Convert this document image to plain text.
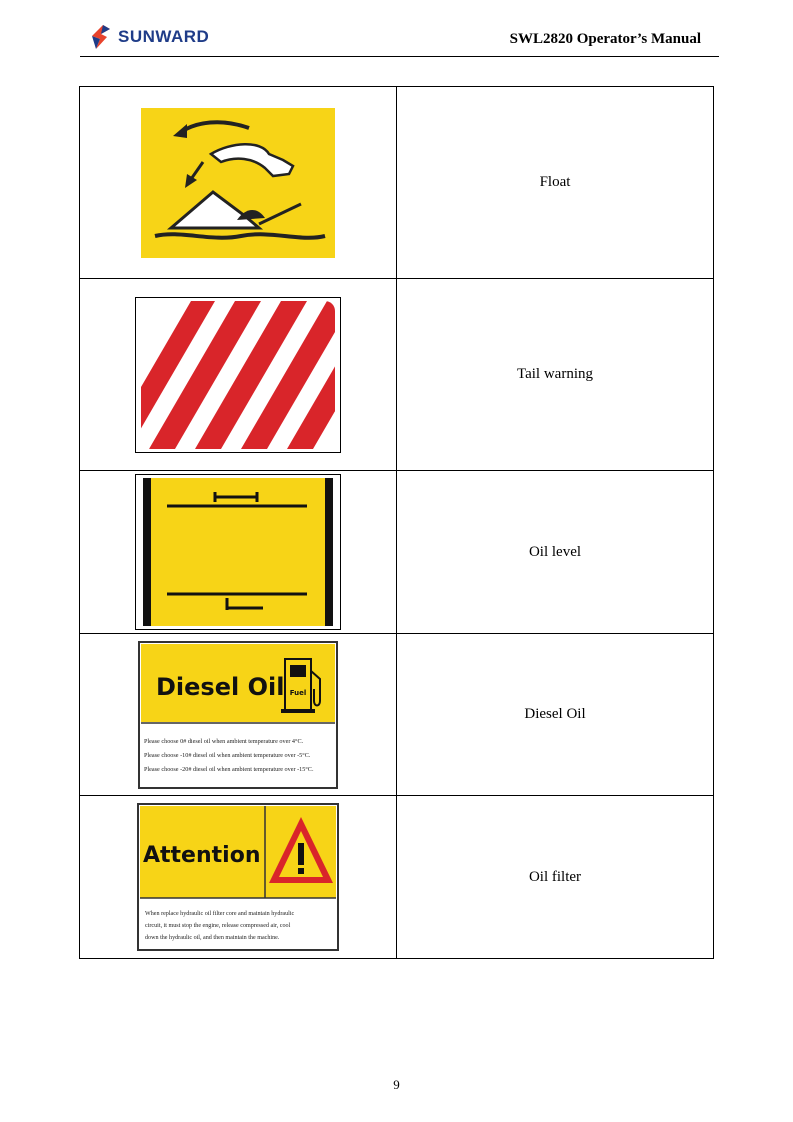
SUNWARD	SWL2820 Operator’s Manual
	Float
	Tail warning
	Oil level

Diesel Oil Fuel
Please choose 0# diesel oil when ambient temperature over 4°C.
Please choose -10# diesel oil when ambient temperature over -5°C.
Please choose -20# diesel oil when ambient temperature over -15°C.	Diesel Oil

Attention
When replace hydraulic oil filter core and maintain hydraulic
circuit, it must stop the engine, release compressed air, cool
down the hydraulic oil, and then maintain the machine.	Oil filter
9
